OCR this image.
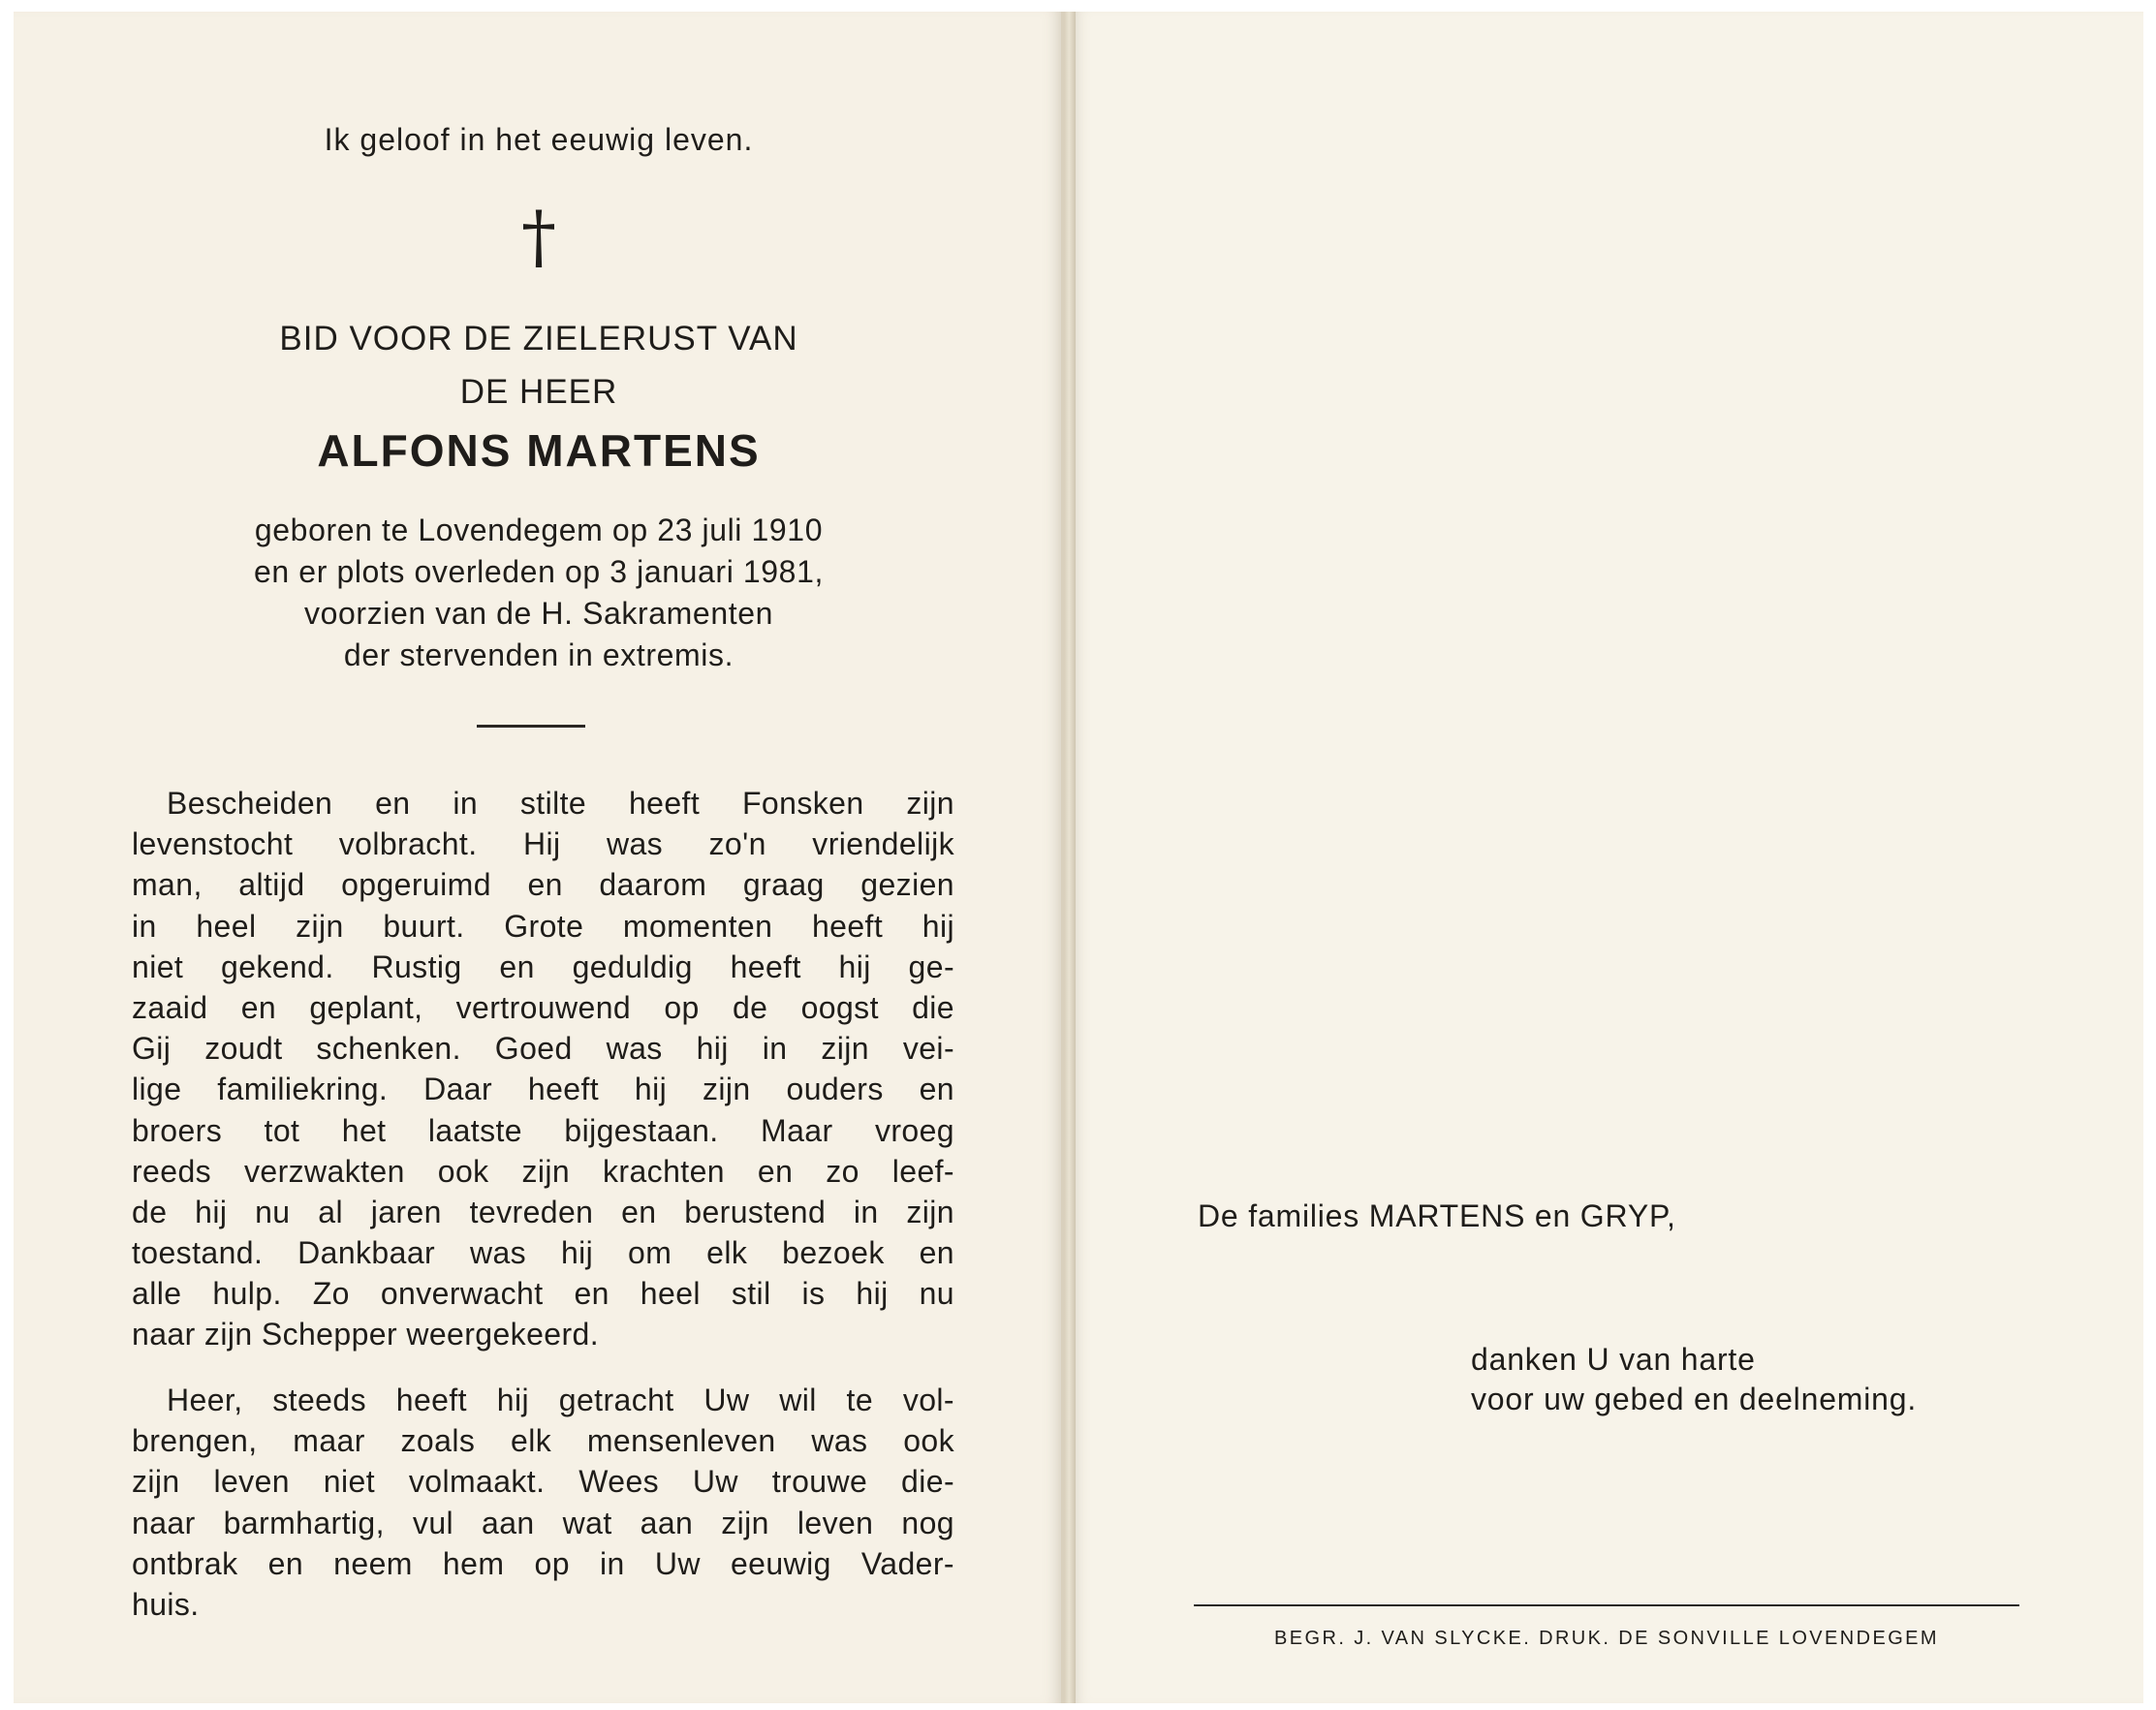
Ik geloof in het eeuwig leven.
†
BID VOOR DE ZIELERUST VAN
DE HEER
ALFONS MARTENS
geboren te Lovendegem op 23 juli 1910
en er plots overleden op 3 januari 1981,
voorzien van de H. Sakramenten
der stervenden in extremis.
Bescheiden en in stilte heeft Fonsken zijn
levenstocht volbracht. Hij was zo'n vriendelijk
man, altijd opgeruimd en daarom graag gezien
in heel zijn buurt. Grote momenten heeft hij
niet gekend. Rustig en geduldig heeft hij ge-
zaaid en geplant, vertrouwend op de oogst die
Gij zoudt schenken. Goed was hij in zijn vei-
lige familiekring. Daar heeft hij zijn ouders en
broers tot het laatste bijgestaan. Maar vroeg
reeds verzwakten ook zijn krachten en zo leef-
de hij nu al jaren tevreden en berustend in zijn
toestand. Dankbaar was hij om elk bezoek en
alle hulp. Zo onverwacht en heel stil is hij nu
naar zijn Schepper weergekeerd.
Heer, steeds heeft hij getracht Uw wil te vol-
brengen, maar zoals elk mensenleven was ook
zijn leven niet volmaakt. Wees Uw trouwe die-
naar barmhartig, vul aan wat aan zijn leven nog
ontbrak en neem hem op in Uw eeuwig Vader-
huis.
De families MARTENS en GRYP,
danken U van harte
voor uw gebed en deelneming.
BEGR. J. VAN SLYCKE. DRUK. DE SONVILLE LOVENDEGEM
